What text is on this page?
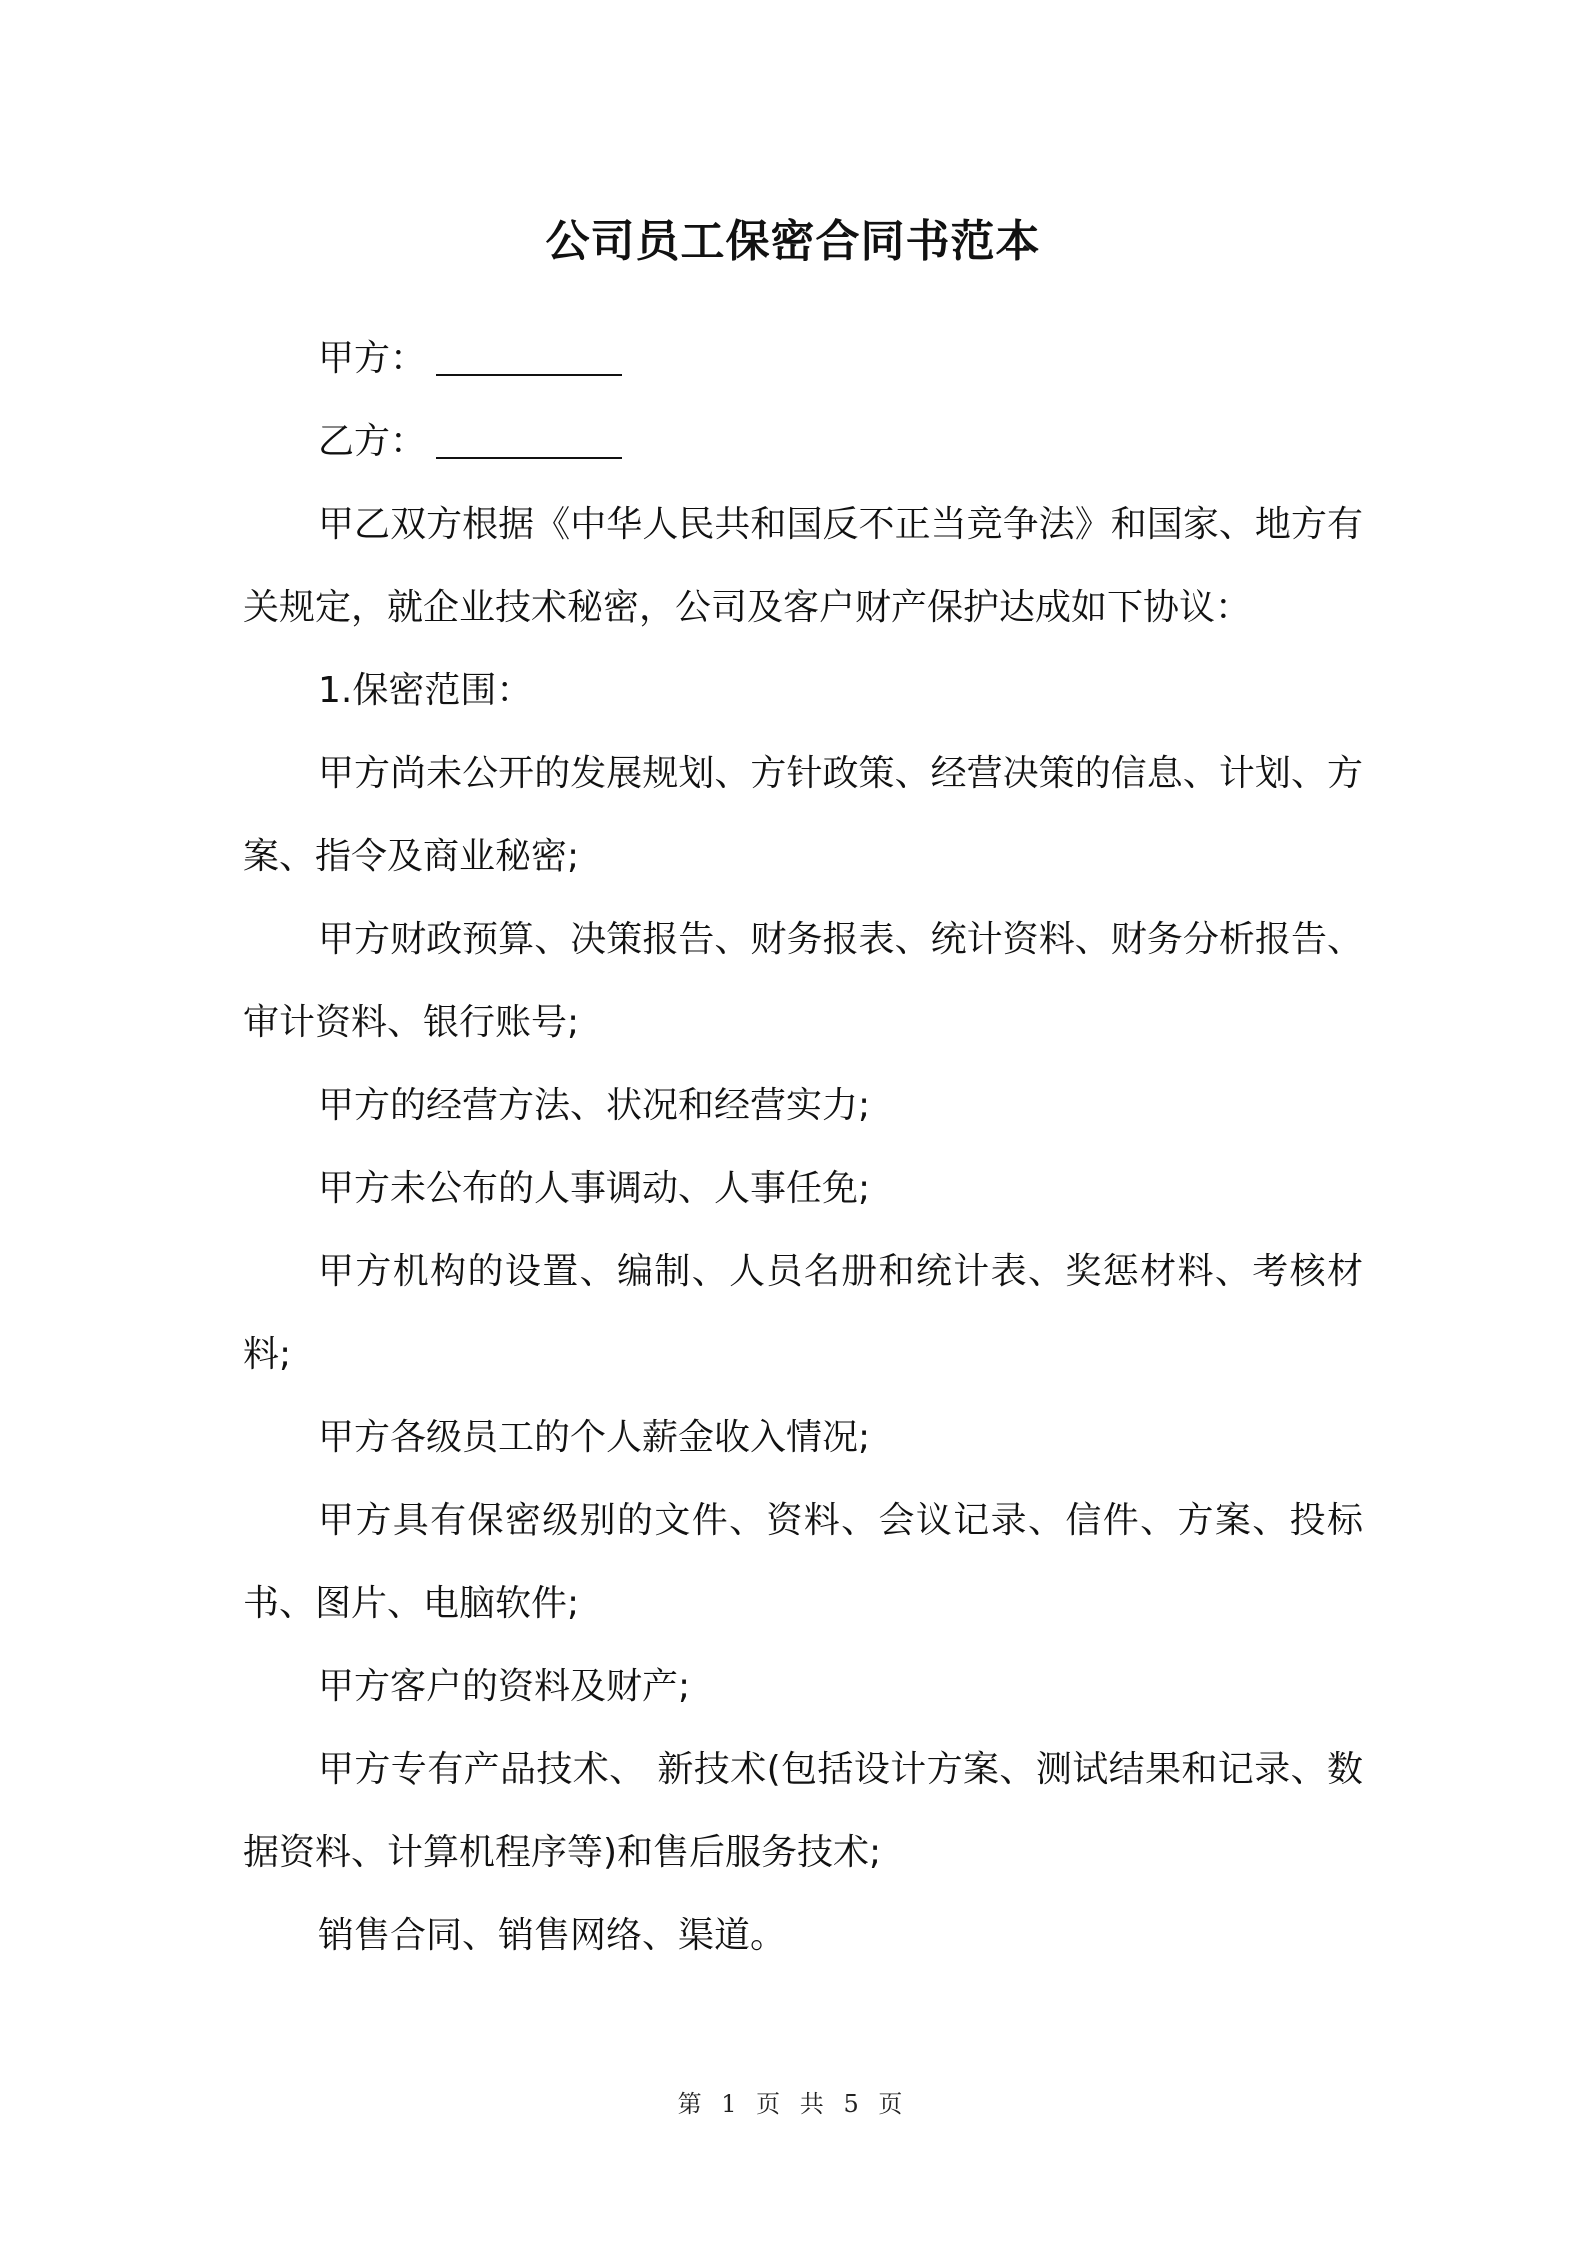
公司员工保密合同书范本
甲方：
乙方：

甲乙双方根据《中华人民共和国反不正当竞争法》和国家、地方有关规定，就企业技术秘密，公司及客户财产保护达成如下协议：

1.保密范围：

甲方尚未公开的发展规划、方针政策、经营决策的信息、计划、方案、指令及商业秘密;

甲方财政预算、决策报告、财务报表、统计资料、财务分析报告、审计资料、银行账号;

甲方的经营方法、状况和经营实力;

甲方未公布的人事调动、人事任免;

甲方机构的设置、编制、人员名册和统计表、奖惩材料、考核材料;

甲方各级员工的个人薪金收入情况;

甲方具有保密级别的文件、资料、会议记录、信件、方案、投标书、图片、电脑软件;

甲方客户的资料及财产;

甲方专有产品技术、 新技术(包括设计方案、测试结果和记录、数据资料、计算机程序等)和售后服务技术;

销售合同、销售网络、渠道。

第 1 页 共 5 页
